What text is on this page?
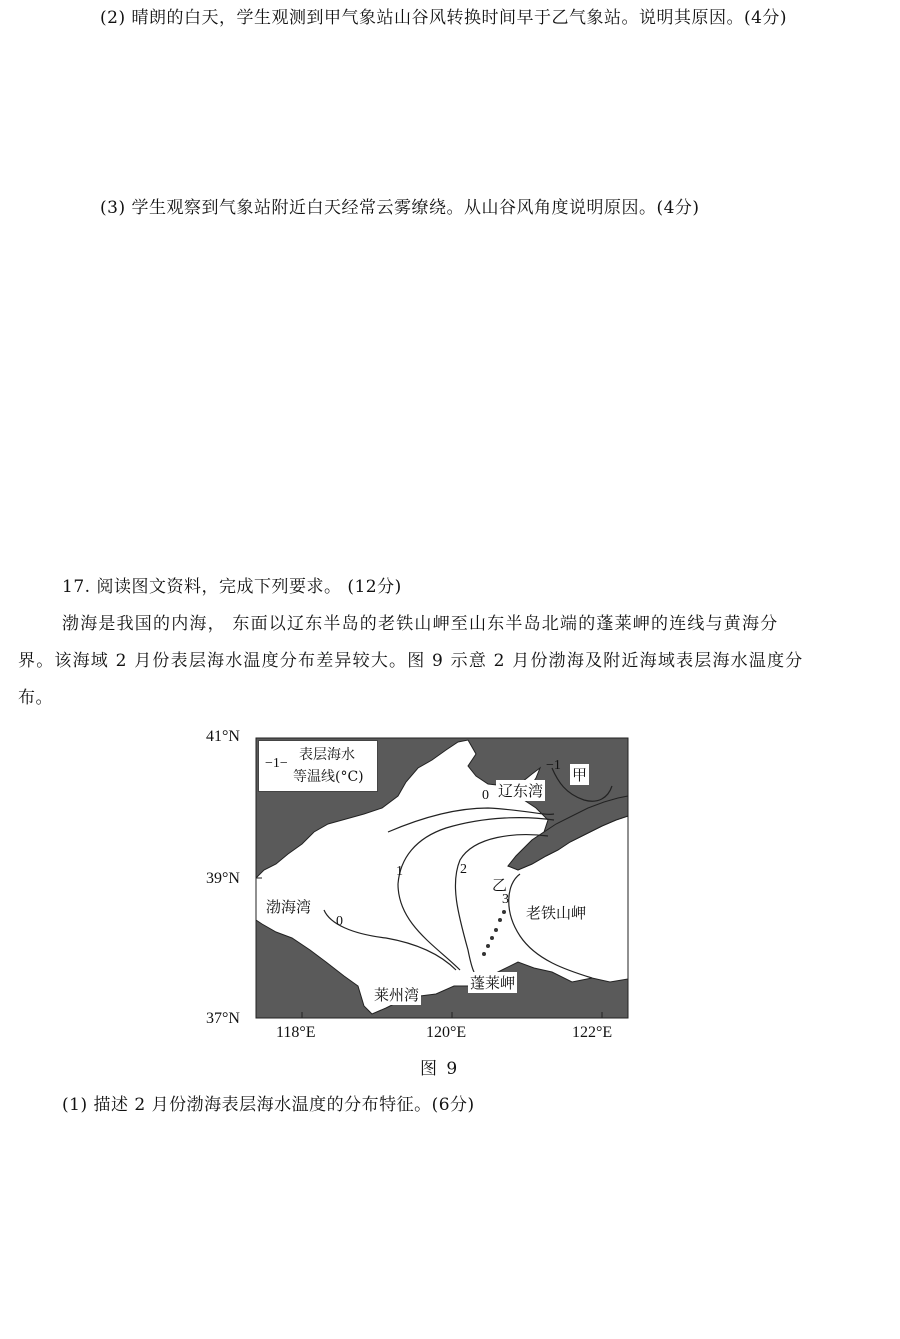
(2) 晴朗的白天，学生观测到甲气象站山谷风转换时间早于乙气象站。说明其原因。(4分)
(3) 学生观察到气象站附近白天经常云雾缭绕。从山谷风角度说明原因。(4分)
17. 阅读图文资料，完成下列要求。 (12分)
渤海是我国的内海， 东面以辽东半岛的老铁山岬至山东半岛北端的蓬莱岬的连线与黄海分
界。该海域 2 月份表层海水温度分布差异较大。图 9 示意 2 月份渤海及附近海域表层海水温度分
布。
41°N
39°N
37°N
118°E	120°E	122°E
−1−
表层海水
等温线(°C)
辽东湾
渤海湾
莱州湾
老铁山岬
蓬莱岬
甲
乙
−1
0
0
1	2
3
图 9
(1) 描述 2 月份渤海表层海水温度的分布特征。(6分)
